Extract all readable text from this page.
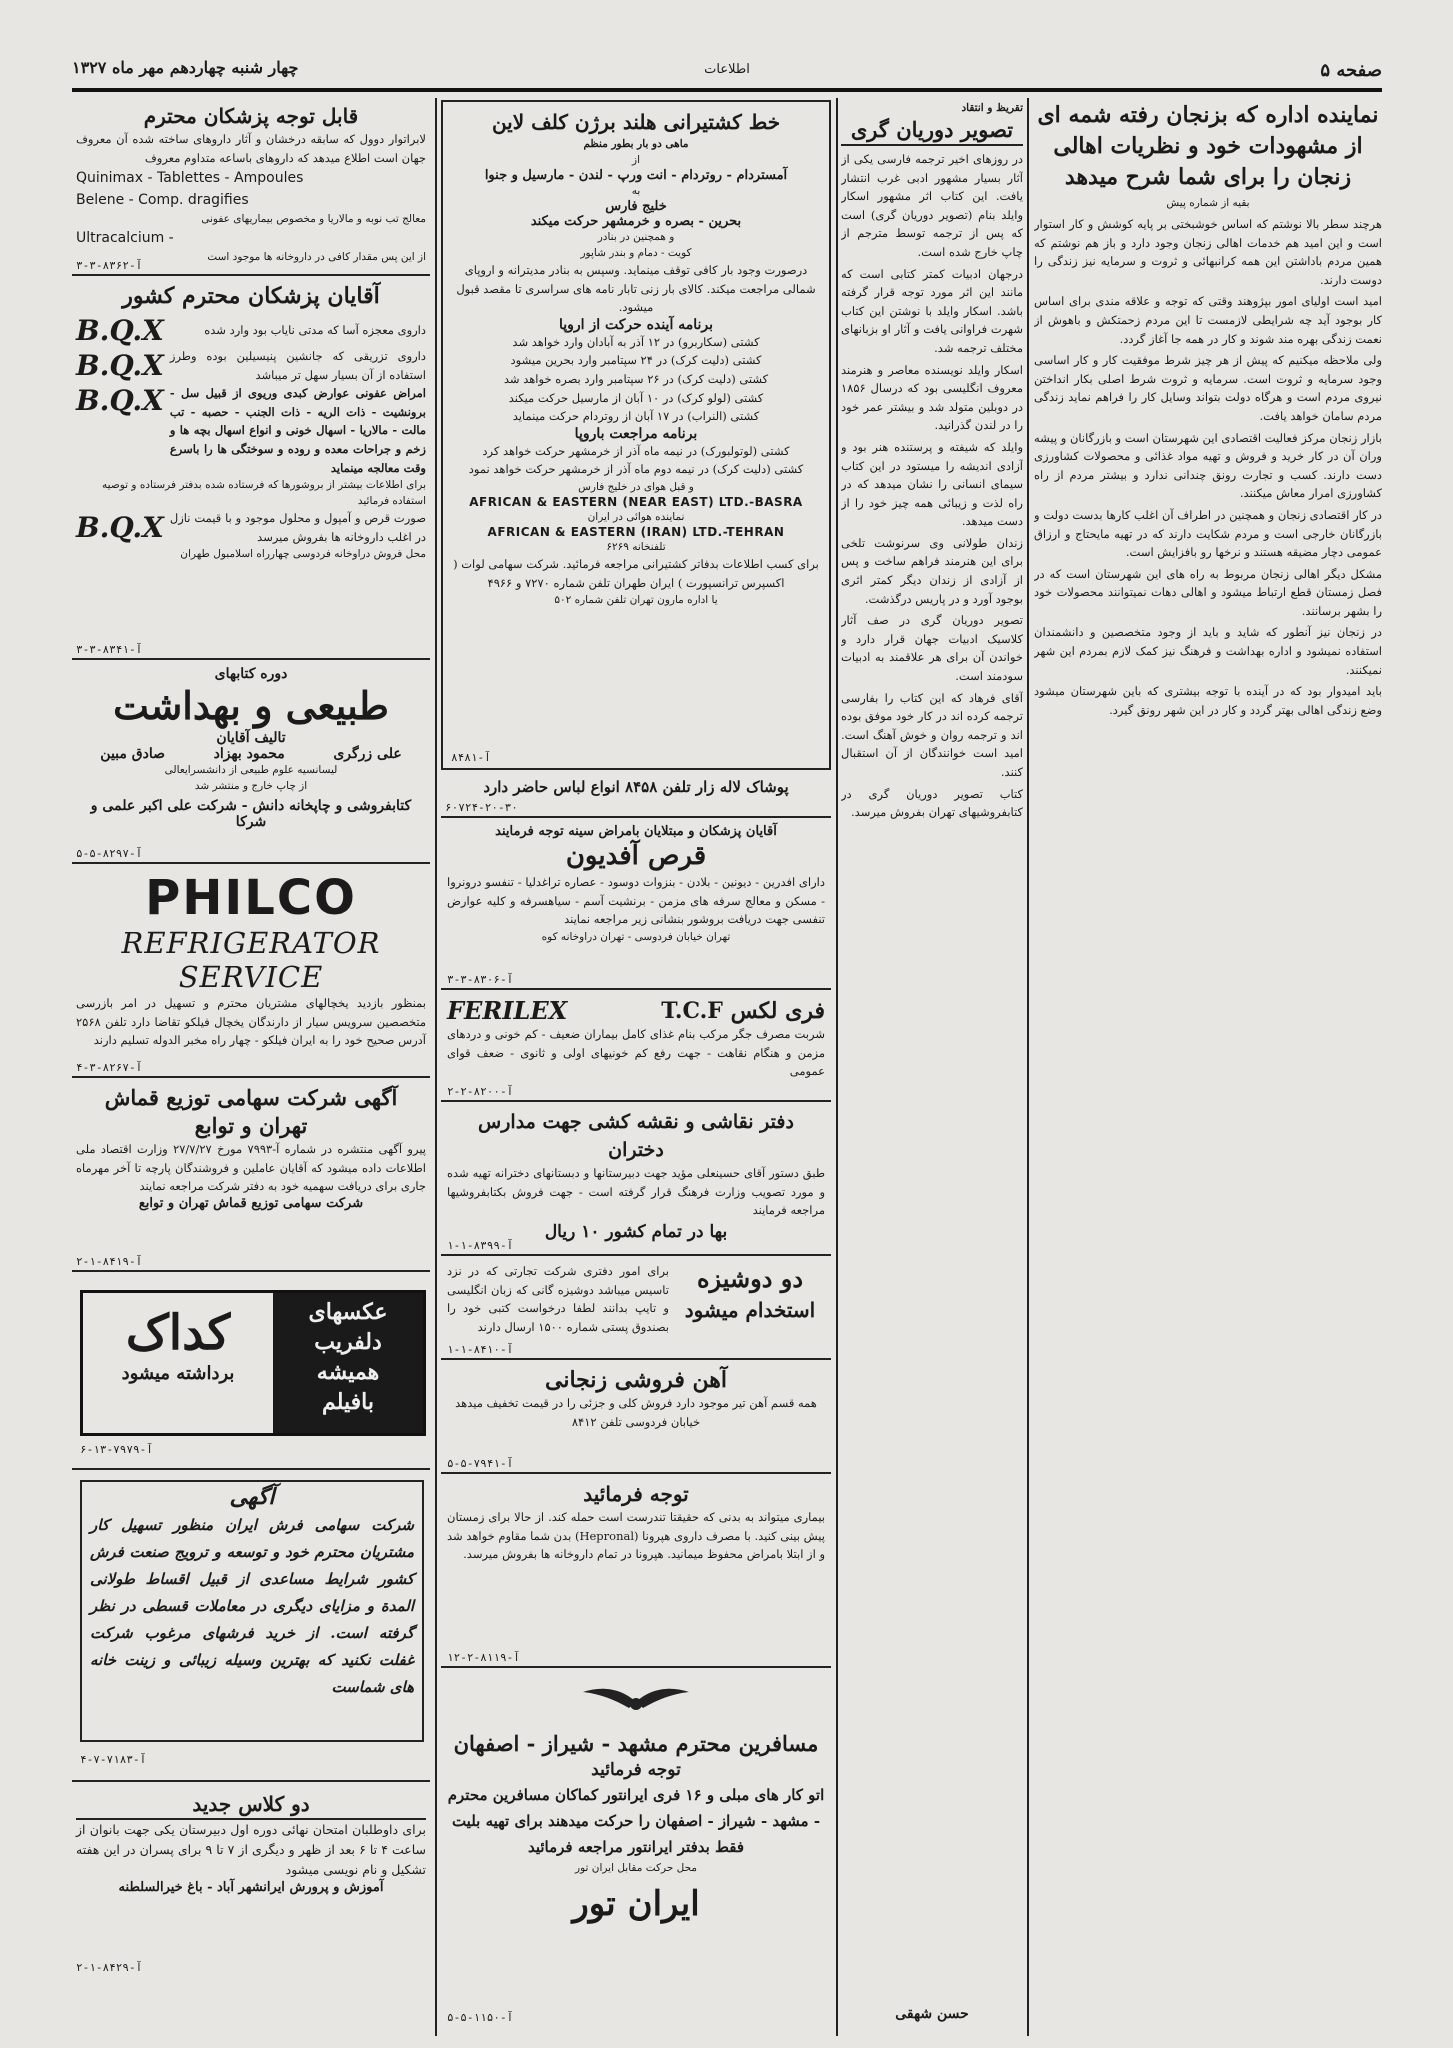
صفحه ۵
اطلاعات
چهار شنبه چهاردهم مهر ماه ۱۳۲۷
نماینده اداره که بزنجان رفته شمه ای از مشهودات خود و نظریات اهالی زنجان را برای شما شرح میدهد
بقیه از شماره پیش

هرچند سطر بالا نوشتم که اساس خوشبختی بر پایه کوشش و کار استوار است و این امید هم خدمات اهالی زنجان وجود دارد و باز هم نوشتم که همین مردم باداشتن این همه کرانبهائی و ثروت و سرمایه نیز زندگی را دوست دارند.

امید است اولیای امور بپژوهند وقتی که توجه و علاقه مندی برای اساس کار بوجود آید چه شرایطی لازمست تا این مردم زحمتکش و باهوش از نعمت زندگی بهره مند شوند و کار در همه جا آغاز گردد.

ولی ملاحظه میکنیم که پیش از هر چیز شرط موفقیت کار و کار اساسی وجود سرمایه و ثروت است. سرمایه و ثروت شرط اصلی بکار انداختن نیروی مردم است و هرگاه دولت بتواند وسایل کار را فراهم نماید زندگی مردم سامان خواهد یافت.

بازار زنجان مرکز فعالیت اقتصادی این شهرستان است و بازرگانان و پیشه وران آن در کار خرید و فروش و تهیه مواد غذائی و محصولات کشاورزی دست دارند. کسب و تجارت رونق چندانی ندارد و بیشتر مردم از راه کشاورزی امرار معاش میکنند.

در کار اقتصادی زنجان و همچنین در اطراف آن اغلب کارها بدست دولت و بازرگانان خارجی است و مردم شکایت دارند که در تهیه مایحتاج و ارزاق عمومی دچار مضیقه هستند و نرخها رو بافزایش است.

مشکل دیگر اهالی زنجان مربوط به راه های این شهرستان است که در فصل زمستان قطع ارتباط میشود و اهالی دهات نمیتوانند محصولات خود را بشهر برسانند.

در زنجان نیز آنطور که شاید و باید از وجود متخصصین و دانشمندان استفاده نمیشود و اداره بهداشت و فرهنگ نیز کمک لازم بمردم این شهر نمیکنند.

باید امیدوار بود که در آینده با توجه بیشتری که باین شهرستان میشود وضع زندگی اهالی بهتر گردد و کار در این شهر رونق گیرد.

تقریظ و انتقاد
تصویر دوریان گری

در روزهای اخیر ترجمه فارسی یکی از آثار بسیار مشهور ادبی غرب انتشار یافت. این کتاب اثر مشهور اسکار وایلد بنام (تصویر دوریان گری) است که پس از ترجمه توسط مترجم از چاپ خارج شده است.

درجهان ادبیات کمتر کتابی است که مانند این اثر مورد توجه قرار گرفته باشد. اسکار وایلد با نوشتن این کتاب شهرت فراوانی یافت و آثار او بزبانهای مختلف ترجمه شد.

اسکار وایلد نویسنده معاصر و هنرمند معروف انگلیسی بود که درسال ۱۸۵۶ در دوبلین متولد شد و بیشتر عمر خود را در لندن گذرانید.

وایلد که شیفته و پرستنده هنر بود و آزادی اندیشه را میستود در این کتاب سیمای انسانی را نشان میدهد که در راه لذت و زیبائی همه چیز خود را از دست میدهد.

زندان طولانی وی سرنوشت تلخی برای این هنرمند فراهم ساخت و پس از آزادی از زندان دیگر کمتر اثری بوجود آورد و در پاریس درگذشت.

تصویر دوریان گری در صف آثار کلاسیک ادبیات جهان قرار دارد و خواندن آن برای هر علاقمند به ادبیات سودمند است.

آقای فرهاد که این کتاب را بفارسی ترجمه کرده اند در کار خود موفق بوده اند و ترجمه روان و خوش آهنگ است. امید است خوانندگان از آن استقبال کنند.

کتاب تصویر دوریان گری در کتابفروشیهای تهران بفروش میرسد.

حسن شهقی
خط کشتیرانی هلند برژن کلف لاین
ماهی دو بار بطور منظم
از
آمستردام - روتردام - انت ورپ - لندن - مارسیل و جنوا
به
خلیج فارس
بحرین - بصره و خرمشهر حرکت میکند
و همچنین در بنادر
کویت - دمام و بندر شاپور
درصورت وجود بار کافی توقف مینماید. وسپس به بنادر مدیترانه و اروپای شمالی مراجعت میکند. کالای بار زنی تابار نامه های سراسری تا مقصد قبول میشود.
برنامه آینده حرکت از اروپا
کشتی (سکاربرو) در ۱۲ آذر به آبادان وارد خواهد شد
کشتی (دلیت کرک) در ۲۴ سپتامبر وارد بحرین میشود
کشتی (دلیت کرک) در ۲۶ سپتامبر وارد بصره خواهد شد
کشتی (لولو کرک) در ۱۰ آبان از مارسیل حرکت میکند
کشتی (النراب) در ۱۷ آبان از روتردام حرکت مینماید
برنامه مراجعت باروپا
کشتی (لوتولبورک) در نیمه ماه آذر از خرمشهر حرکت خواهد کرد
کشتی (دلیت کرک) در نیمه دوم ماه آذر از خرمشهر حرکت خواهد نمود
و قبل هوای در خلیج فارس
AFRICAN & EASTERN (NEAR EAST) LTD.-BASRA
نماینده هوائی در ایران
AFRICAN & EASTERN (IRAN) LTD.-TEHRAN
تلفنخانه ۶۲۶۹
برای کسب اطلاعات بدفاتر کشتیرانی مراجعه فرمائید. شرکت سهامی لوات ( اکسپرس ترانسپورت ) ایران طهران تلفن شماره ۷۲۷۰ و ۴۹۶۶
یا اداره مارون تهران تلفن شماره ۵۰۲
آ-۸۴۸۱
پوشاک لاله زار تلفن ۸۴۵۸ انواع لباس حاضر دارد
۶۰۷۲۴-۲۰-۳۰
آقایان پزشکان و مبتلایان بامراض سینه توجه فرمایند
قرص آفدیون
دارای افدرین - دیونین - بلادن - بنزوات دوسود - عصاره تراغدلیا - تنفسو درونروا - مسکن و معالج سرفه های مزمن - برنشیت آسم - سیاهسرفه و کلیه عوارض تنفسی جهت دریافت بروشور بنشانی زیر مراجعه نمایند
تهران خیابان فردوسی - تهران دراوخانه کوه
آ-۸۳۰۶-۳-۳
FERILEX	فری لکس T.C.F
شربت مصرف جگر مرکب بنام غذای کامل بیماران ضعیف - کم خونی و دردهای مزمن و هنگام نقاهت - جهت رفع کم خونیهای اولی و ثانوی - ضعف قوای عمومی
آ-۸۲۰۰-۲-۲
دفتر نقاشی و نقشه کشی جهت مدارس دختران
طبق دستور آقای حسینعلی مؤید جهت دبیرستانها و دبستانهای دخترانه تهیه شده و مورد تصویب وزارت فرهنگ قرار گرفته است - جهت فروش بکتابفروشیها مراجعه فرمایند
بها در تمام کشور ۱۰ ریال
آ-۸۳۹۹-۱-۱
دو دوشیزه
استخدام میشود
برای امور دفتری شرکت تجارتی که در نزد تاسیس میباشد دوشیزه گانی که زبان انگلیسی و تایپ بدانند لطفا درخواست کتبی خود را بصندوق پستی شماره ۱۵۰۰ ارسال دارند
آ-۸۴۱۰-۱-۱
آهن فروشی زنجانی
همه قسم آهن تیر موجود دارد فروش کلی و جزئی را در قیمت تخفیف میدهد خیابان فردوسی تلفن ۸۴۱۲
آ-۷۹۴۱-۵-۵
توجه فرمائید
بیماری میتواند به بدنی که حقیقتا تندرست است حمله کند. از حالا برای زمستان پیش بینی کنید. با مصرف داروی هپرونا (Hepronal) بدن شما مقاوم خواهد شد و از ابتلا بامراض محفوظ میمانید. هپرونا در تمام داروخانه ها بفروش میرسد.
آ-۸۱۱۹-۲-۱۲
مسافرین محترم مشهد - شیراز - اصفهان
توجه فرمائید
اتو کار های مبلی و ۱۶ فری ایرانتور کماکان مسافرین محترم - مشهد - شیراز - اصفهان را حرکت میدهند برای تهیه بلیت فقط بدفتر ایرانتور مراجعه فرمائید
محل حرکت مقابل ایران تور
ایران تور
آ-۱۱۵۰-۵-۵
قابل توجه پزشکان محترم
لابراتوار دوول که سابقه درخشان و آثار داروهای ساخته شده آن معروف جهان است اطلاع میدهد که داروهای باساعه متداوم معروف
Quinimax - Tablettes - Ampoules
Belene - Comp. dragifies
معالج تب نوبه و مالاریا و مخصوص بیماریهای عفونی
Ultracalcium -
از این پس مقدار کافی در داروخانه ها موجود است
آ-۸۳۶۲-۳-۳
آقایان پزشکان محترم کشور
داروی معجزه آسا که مدتی نایاب بود وارد شده
B.Q.X
داروی تزریقی که جانشین پنیسیلین بوده وطرز استفاده از آن بسیار سهل تر میباشد
B.Q.X
امراض عفونی عوارض کبدی وریوی از قبیل سل - برونشیت - ذات الریه - ذات الجنب - حصبه - تب مالت - مالاریا - اسهال خونی و انواع اسهال بچه ها و زخم و جراحات معده و روده و سوختگی ها را باسرع وقت معالجه مینماید
B.Q.X
برای اطلاعات بیشتر از بروشورها که فرستاده شده بدفتر فرستاده و توصیه استفاده فرمائید
صورت قرص و آمپول و محلول موجود و با قیمت نازل در اغلب داروخانه ها بفروش میرسد
B.Q.X
محل فروش دراوخانه فردوسی چهارراه اسلامبول طهران
آ-۸۳۴۱-۳-۳
دوره کتابهای
طبیعی و بهداشت
تالیف آقایان
علی زرگری
محمود بهزاد
صادق مبین
لیسانسیه علوم طبیعی از دانشسرایعالی
از چاپ خارج و منتشر شد
کتابفروشی و چاپخانه دانش - شرکت علی اکبر علمی و شرکا
آ-۸۲۹۷-۵-۵
PHILCO
REFRIGERATOR SERVICE
بمنظور بازدید یخچالهای مشتریان محترم و تسهیل در امر بازرسی متخصصین سرویس سیار از دارندگان یخچال فیلکو تقاضا دارد تلفن ۲۵۶۸ آدرس صحیح خود را به ایران فیلکو - چهار راه مخبر الدوله تسلیم دارند
آ-۸۲۶۷-۳-۴
آگهی شرکت سهامی توزیع قماش
تهران و توابع
پیرو آگهی منتشره در شماره آ-۷۹۹۳ مورخ ۲۷/۷/۲۷ وزارت اقتصاد ملی اطلاعات داده میشود که آقایان عاملین و فروشندگان پارچه تا آخر مهرماه جاری برای دریافت سهمیه خود به دفتر شرکت مراجعه نمایند
شرکت سهامی توزیع قماش تهران و توابع
آ-۸۴۱۹-۱-۲
عکسهای
دلفریب
همیشه
بافیلم
کداک
برداشته میشود
آ-۷۹۷۹-۱۳-۶
آگهی
شرکت سهامی فرش ایران منظور تسهیل کار مشتریان محترم خود و توسعه و ترویج صنعت فرش کشور شرایط مساعدی از قبیل اقساط طولانی المدة و مزایای دیگری در معاملات قسطی در نظر گرفته است. از خرید فرشهای مرغوب شرکت غفلت نکنید که بهترین وسیله زیبائی و زینت خانه های شماست
آ-۷۱۸۳-۷-۴
دو کلاس جدید
برای داوطلبان امتحان نهائی دوره اول دبیرستان یکی جهت بانوان از ساعت ۴ تا ۶ بعد از ظهر و دیگری از ۷ تا ۹ برای پسران در این هفته تشکیل و نام نویسی میشود
آموزش و پرورش ایرانشهر آباد - باغ خیرالسلطنه
آ-۸۴۲۹-۱-۲
